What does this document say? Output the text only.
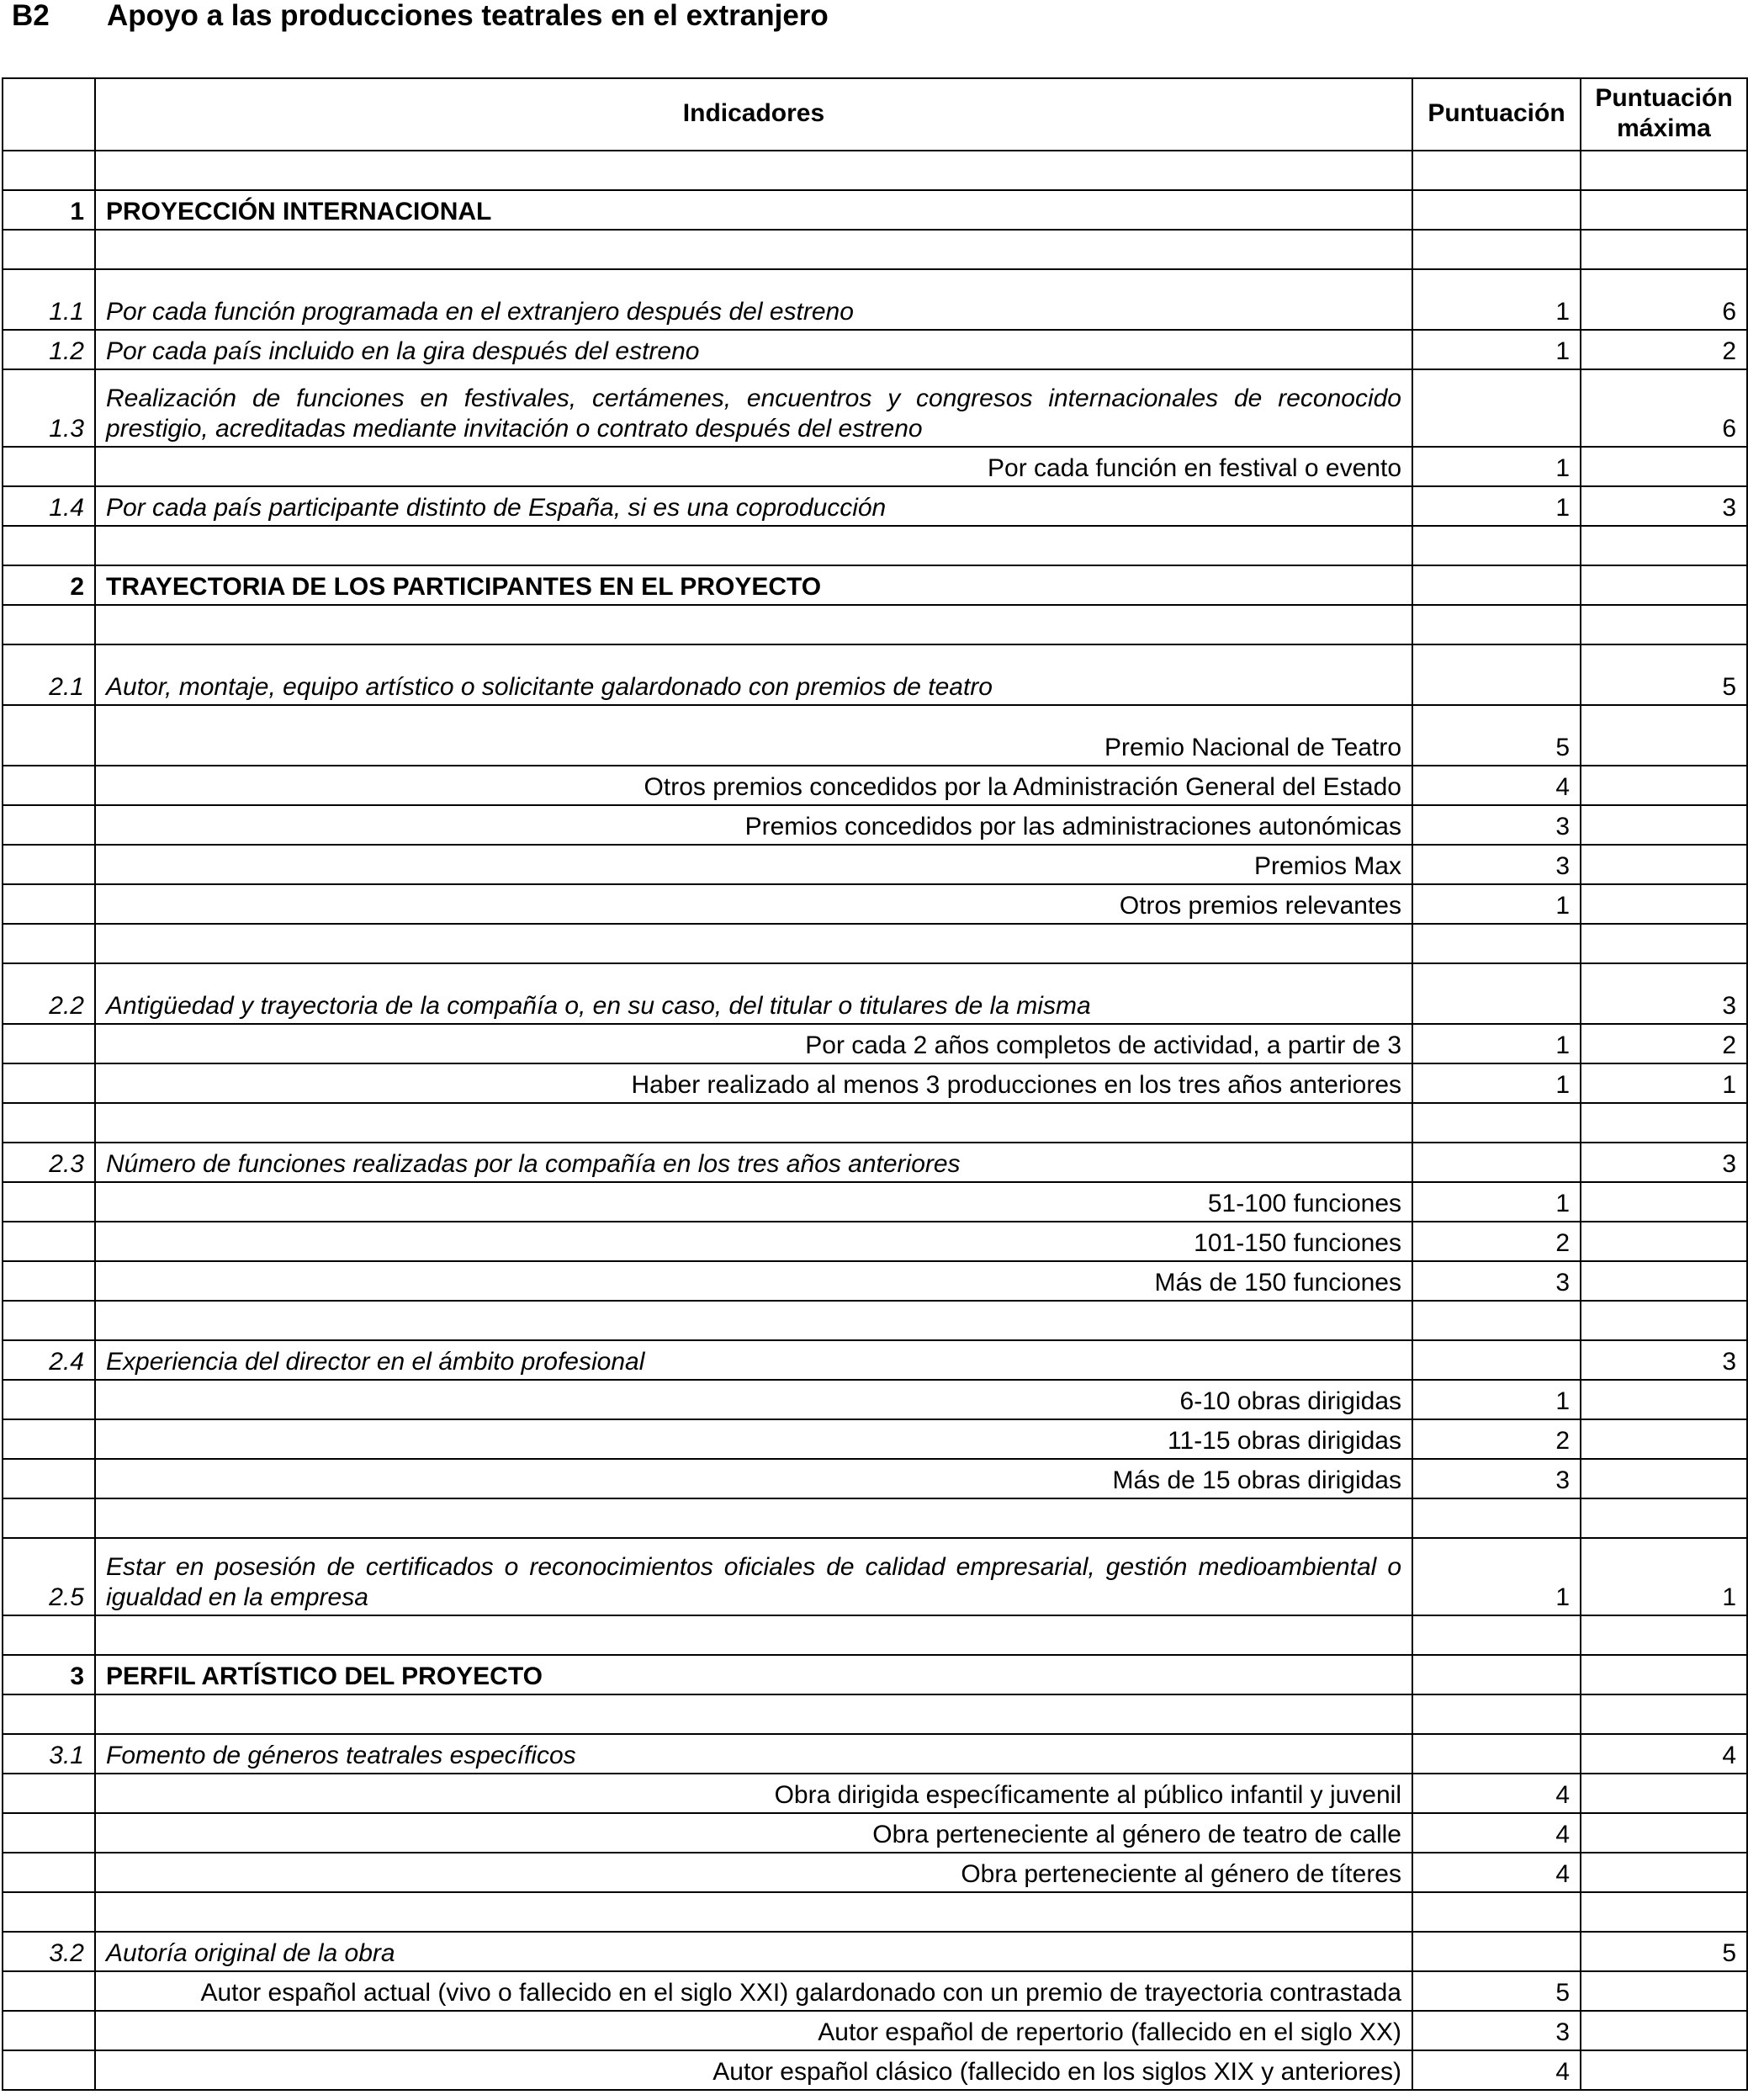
B2 Apoyo a las producciones teatrales en el extranjero
	Indicadores	Puntuación	Puntuación máxima

1	PROYECCIÓN INTERNACIONAL		

1.1	Por cada función programada en el extranjero después del estreno	1	6
1.2	Por cada país incluido en la gira después del estreno	1	2
1.3	Realización de funciones en festivales, certámenes, encuentros y congresos internacionales de reconocido prestigio, acreditadas mediante invitación o contrato después del estreno		6
	Por cada función en festival o evento	1	
1.4	Por cada país participante distinto de España, si es una coproducción	1	3

2	TRAYECTORIA DE LOS PARTICIPANTES EN EL PROYECTO		

2.1	Autor, montaje, equipo artístico o solicitante galardonado con premios de teatro		5
	Premio Nacional de Teatro	5	
	Otros premios concedidos por la Administración General del Estado	4	
	Premios concedidos por las administraciones autonómicas	3	
	Premios Max	3	
	Otros premios relevantes	1	

2.2	Antigüedad y trayectoria de la compañía o, en su caso, del titular o titulares de la misma		3
	Por cada 2 años completos de actividad, a partir de 3	1	2
	Haber realizado al menos 3 producciones en los tres años anteriores	1	1

2.3	Número de funciones realizadas por la compañía en los tres años anteriores		3
	51-100 funciones	1	
	101-150 funciones	2	
	Más de 150 funciones	3	

2.4	Experiencia del director en el ámbito profesional		3
	6-10 obras dirigidas	1	
	11-15 obras dirigidas	2	
	Más de 15 obras dirigidas	3	

2.5	Estar en posesión de certificados o reconocimientos oficiales de calidad empresarial, gestión medioambiental o igualdad en la empresa	1	1

3	PERFIL ARTÍSTICO DEL PROYECTO		

3.1	Fomento de géneros teatrales específicos		4
	Obra dirigida específicamente al público infantil y juvenil	4	
	Obra perteneciente al género de teatro de calle	4	
	Obra perteneciente al género de títeres	4	

3.2	Autoría original de la obra		5
	Autor español actual (vivo o fallecido en el siglo XXI) galardonado con un premio de trayectoria contrastada	5	
	Autor español de repertorio (fallecido en el siglo XX)	3	
	Autor español clásico (fallecido en los siglos XIX y anteriores)	4	
